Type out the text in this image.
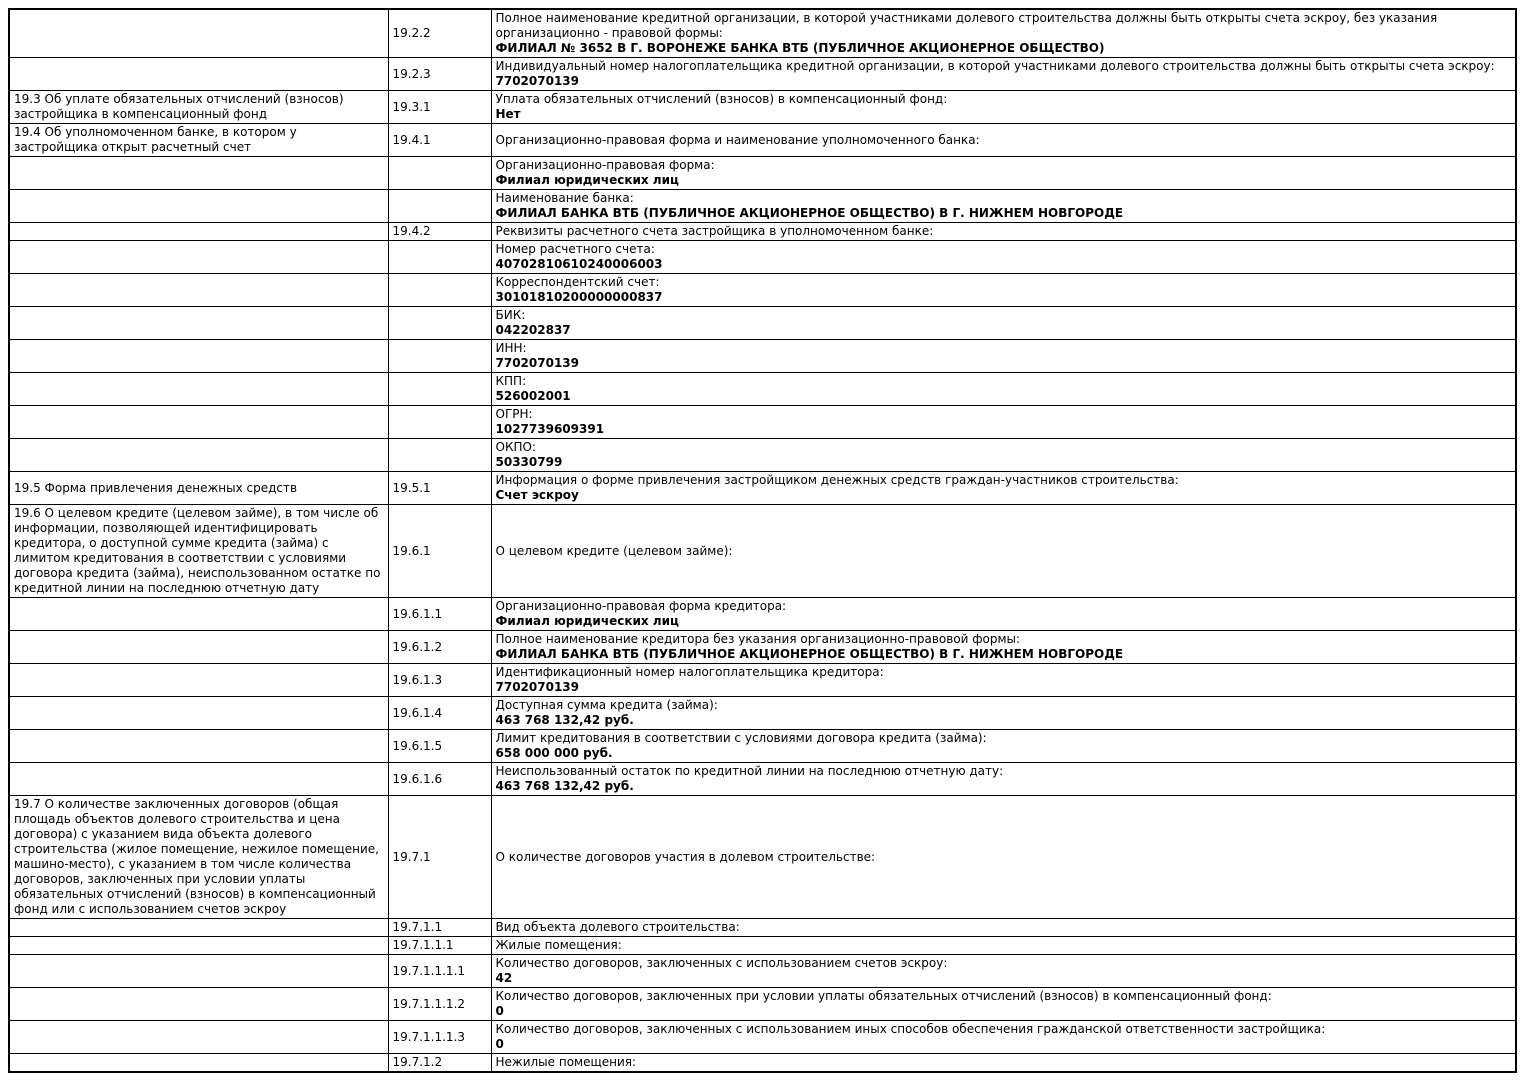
	19.2.2	Полное наименование кредитной организации, в которой участниками долевого строительства должны быть открыты счета эскроу, без указания организационно - правовой формы:
ФИЛИАЛ № 3652 В Г. ВОРОНЕЖЕ БАНКА ВТБ (ПУБЛИЧНОЕ АКЦИОНЕРНОЕ ОБЩЕСТВО)

	19.2.3	Индивидуальный номер налогоплательщика кредитной организации, в которой участниками долевого строительства должны быть открыты счета эскроу:
7702070139

19.3 Об уплате обязательных отчислений (взносов) застройщика в компенсационный фонд	19.3.1	Уплата обязательных отчислений (взносов) в компенсационный фонд:
Нет

19.4 Об уполномоченном банке, в котором у застройщика открыт расчетный счет	19.4.1	Организационно-правовая форма и наименование уполномоченного банка:

		Организационно-правовая форма:
Филиал юридических лиц

		Наименование банка:
ФИЛИАЛ БАНКА ВТБ (ПУБЛИЧНОЕ АКЦИОНЕРНОЕ ОБЩЕСТВО) В Г. НИЖНЕМ НОВГОРОДЕ

	19.4.2	Реквизиты расчетного счета застройщика в уполномоченном банке:

		Номер расчетного счета:
40702810610240006003

		Корреспондентский счет:
30101810200000000837

		БИК:
042202837

		ИНН:
7702070139

		КПП:
526002001

		ОГРН:
1027739609391

		ОКПО:
50330799

19.5 Форма привлечения денежных средств	19.5.1	Информация о форме привлечения застройщиком денежных средств граждан-участников строительства:
Счет эскроу

19.6 О целевом кредите (целевом займе), в том числе об информации, позволяющей идентифицировать кредитора, о доступной сумме кредита (займа) с лимитом кредитования в соответствии с условиями договора кредита (займа), неиспользованном остатке по кредитной линии на последнюю отчетную дату	19.6.1	О целевом кредите (целевом займе):

	19.6.1.1	Организационно-правовая форма кредитора:
Филиал юридических лиц

	19.6.1.2	Полное наименование кредитора без указания организационно-правовой формы:
ФИЛИАЛ БАНКА ВТБ (ПУБЛИЧНОЕ АКЦИОНЕРНОЕ ОБЩЕСТВО) В Г. НИЖНЕМ НОВГОРОДЕ

	19.6.1.3	Идентификационный номер налогоплательщика кредитора:
7702070139

	19.6.1.4	Доступная сумма кредита (займа):
463 768 132,42 руб.

	19.6.1.5	Лимит кредитования в соответствии с условиями договора кредита (займа):
658 000 000 руб.

	19.6.1.6	Неиспользованный остаток по кредитной линии на последнюю отчетную дату:
463 768 132,42 руб.

19.7 О количестве заключенных договоров (общая площадь объектов долевого строительства и цена договора) с указанием вида объекта долевого строительства (жилое помещение, нежилое помещение, машино-место), с указанием в том числе количества договоров, заключенных при условии уплаты обязательных отчислений (взносов) в компенсационный фонд или с использованием счетов эскроу	19.7.1	О количестве договоров участия в долевом строительстве:

	19.7.1.1	Вид объекта долевого строительства:

	19.7.1.1.1	Жилые помещения:

	19.7.1.1.1.1	Количество договоров, заключенных с использованием счетов эскроу:
42

	19.7.1.1.1.2	Количество договоров, заключенных при условии уплаты обязательных отчислений (взносов) в компенсационный фонд:
0

	19.7.1.1.1.3	Количество договоров, заключенных с использованием иных способов обеспечения гражданской ответственности застройщика:
0

	19.7.1.2	Нежилые помещения:
